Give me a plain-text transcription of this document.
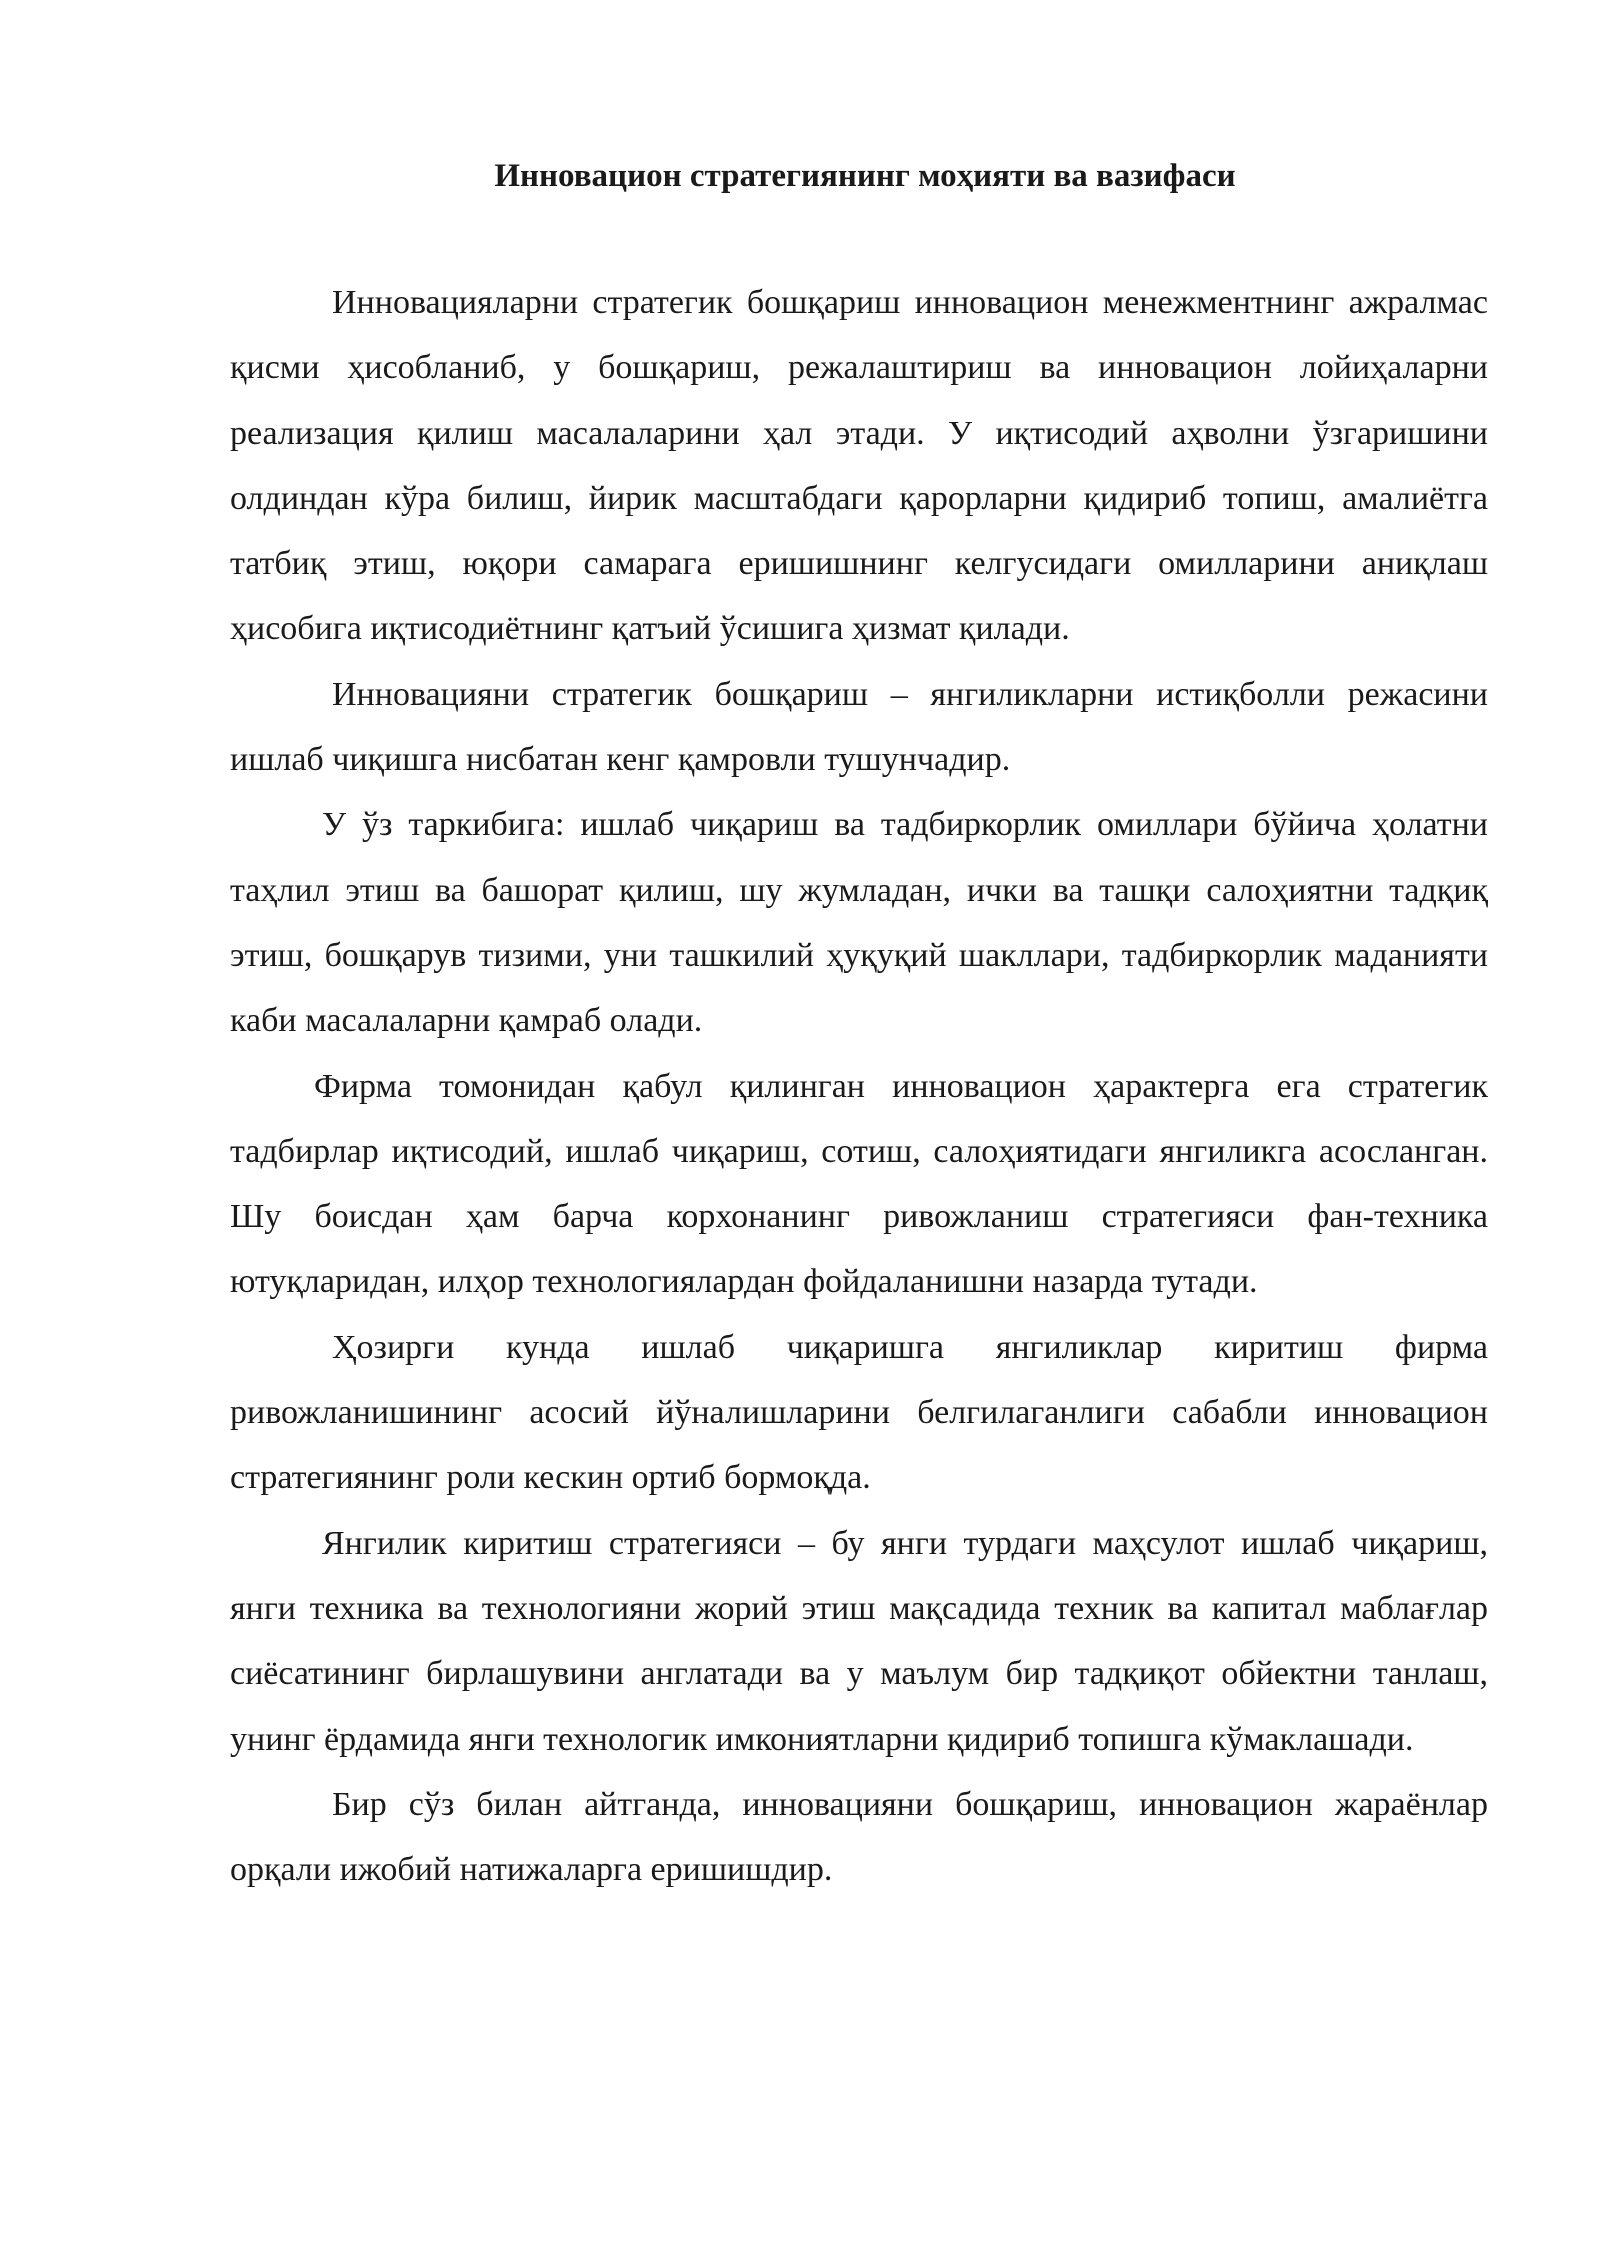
Инновацион стратегиянинг моҳияти ва вазифаси

Инновацияларни стратегик бошқариш инновацион менежментнинг ажралмас қисми ҳисобланиб, у бошқариш, режалаштириш ва инновацион лойиҳаларни реализация қилиш масалаларини ҳал этади. У иқтисодий аҳволни ўзгаришини олдиндан кўра билиш, йирик масштабдаги қарорларни қидириб топиш, амалиётга татбиқ этиш, юқори самарага еришишнинг келгусидаги омилларини аниқлаш ҳисобига иқтисодиётнинг қатъий ўсишига ҳизмат қилади.

Инновацияни стратегик бошқариш – янгиликларни истиқболли режасини ишлаб чиқишга нисбатан кенг қамровли тушунчадир.

У ўз таркибига: ишлаб чиқариш ва тадбиркорлик омиллари бўйича ҳолатни таҳлил этиш ва башорат қилиш, шу жумладан, ички ва ташқи салоҳиятни тадқиқ этиш, бошқарув тизими, уни ташкилий ҳуқуқий шакллари, тадбиркорлик маданияти каби масалаларни қамраб олади.

Фирма томонидан қабул қилинган инновацион ҳарактерга ега стратегик тадбирлар иқтисодий, ишлаб чиқариш, сотиш, салоҳиятидаги янгиликга асосланган. Шу боисдан ҳам барча корхонанинг ривожланиш стратегияси фан-техника ютуқларидан, илҳор технологиялардан фойдаланишни назарда тутади.

Ҳозирги кунда ишлаб чиқаришга янгиликлар киритиш фирма ривожланишининг асосий йўналишларини белгилаганлиги сабабли инновацион стратегиянинг роли кескин ортиб бормоқда.

Янгилик киритиш стратегияси – бу янги турдаги маҳсулот ишлаб чиқариш, янги техника ва технологияни жорий этиш мақсадида техник ва капитал маблағлар сиёсатининг бирлашувини англатади ва у маълум бир тадқиқот обйектни танлаш, унинг ёрдамида янги технологик имкониятларни қидириб топишга кўмаклашади.

Бир сўз билан айтганда, инновацияни бошқариш, инновацион жараёнлар орқали ижобий натижаларга еришишдир.
